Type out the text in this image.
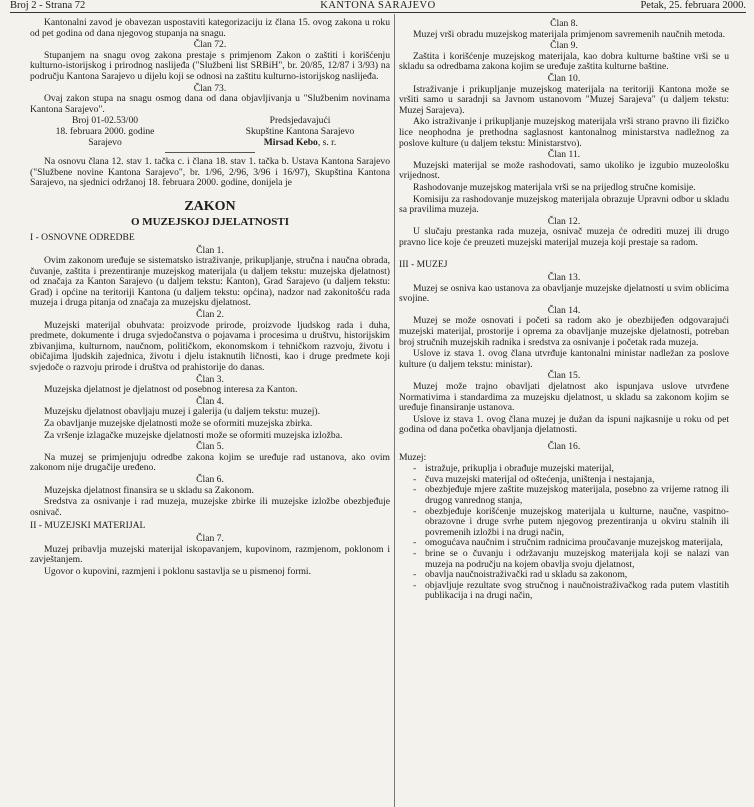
Broj 2 - Strana 72	KANTONA SARAJEVO	Petak, 25. februara 2000.

Kantonalni zavod je obavezan uspostaviti kategorizaciju iz člana 15. ovog zakona u roku od pet godina od dana njegovog stupanja na snagu.

Član 72.

Stupanjem na snagu ovog zakona prestaje s primjenom Zakon o zaštiti i korišćenju kulturno-istorijskog i prirodnog naslijeđa ("Službeni list SRBiH", br. 20/85, 12/87 i 3/93) na području Kantona Sarajevo u dijelu koji se odnosi na zaštitu kulturno-istorijskog naslijeđa.

Član 73.

Ovaj zakon stupa na snagu osmog dana od dana objavljivanja u "Službenim novinama Kantona Sarajevo".

Broj 01-02.53/00
18. februara 2000. godine
Sarajevo
Predsjedavajući
Skupštine Kantona Sarajevo
Mirsad Kebo, s. r.

Na osnovu člana 12. stav 1. tačka c. i člana 18. stav 1. tačka b. Ustava Kantona Sarajevo ("Službene novine Kantona Sarajevo", br. 1/96, 2/96, 3/96 i 16/97), Skupština Kantona Sarajevo, na sjednici održanoj 18. februara 2000. godine, donijela je

ZAKON
O MUZEJSKOJ DJELATNOSTI
I - OSNOVNE ODREDBE
Član 1.

Ovim zakonom uređuje se sistematsko istraživanje, prikupljanje, stručna i naučna obrada, čuvanje, zaštita i prezentiranje muzejskog materijala (u daljem tekstu: muzejska djelatnost) od značaja za Kanton Sarajevo (u daljem tekstu: Kanton), Grad Sarajevo (u daljem tekstu: Grad) i općine na teritoriji Kantona (u daljem tekstu: općina), nadzor nad zakonitošću rada muzeja i druga pitanja od značaja za muzejsku djelatnost.

Član 2.

Muzejski materijal obuhvata: proizvode prirode, proizvode ljudskog rada i duha, predmete, dokumente i druga svjedočanstva o pojavama i procesima u društvu, historijskim zbivanjima, kulturnom, naučnom, političkom, ekonomskom i tehničkom razvoju, životu i običajima ljudskih zajednica, životu i djelu istaknutih ličnosti, kao i druge predmete koji svjedoče o razvoju prirode i društva od prahistorije do danas.

Član 3.

Muzejska djelatnost je djelatnost od posebnog interesa za Kanton.

Član 4.

Muzejsku djelatnost obavljaju muzej i galerija (u daljem tekstu: muzej).

Za obavljanje muzejske djelatnosti može se oformiti muzejska zbirka.

Za vršenje izlagačke muzejske djelatnosti može se oformiti muzejska izložba.

Član 5.

Na muzej se primjenjuju odredbe zakona kojim se uređuje rad ustanova, ako ovim zakonom nije drugačije uređeno.

Član 6.

Muzejska djelatnost finansira se u skladu sa Zakonom.

Sredstva za osnivanje i rad muzeja, muzejske zbirke ili muzejske izložbe obezbjeđuje osnivač.

II - MUZEJSKI MATERIJAL
Član 7.

Muzej pribavlja muzejski materijal iskopavanjem, kupovinom, razmjenom, poklonom i zavještanjem.

Ugovor o kupovini, razmjeni i poklonu sastavlja se u pismenoj formi.

Član 8.

Muzej vrši obradu muzejskog materijala primjenom savremenih naučnih metoda.

Član 9.

Zaštita i korišćenje muzejskog materijala, kao dobra kulturne baštine vrši se u skladu sa odredbama zakona kojim se uređuje zaštita kulturne baštine.

Član 10.

Istraživanje i prikupljanje muzejskog materijala na teritoriji Kantona može se vršiti samo u saradnji sa Javnom ustanovom "Muzej Sarajeva" (u daljem tekstu: Muzej Sarajeva).

Ako istraživanje i prikupljanje muzejskog materijala vrši strano pravno ili fizičko lice neophodna je prethodna saglasnost kantonalnog ministarstva nadležnog za poslove kulture (u daljem tekstu: Ministarstvo).

Član 11.

Muzejski materijal se može rashodovati, samo ukoliko je izgubio muzeološku vrijednost.

Rashodovanje muzejskog materijala vrši se na prijedlog stručne komisije.

Komisiju za rashodovanje muzejskog materijala obrazuje Upravni odbor u skladu sa pravilima muzeja.

Član 12.

U slučaju prestanka rada muzeja, osnivač muzeja će odrediti muzej ili drugo pravno lice koje će preuzeti muzejski materijal muzeja koji prestaje sa radom.

III - MUZEJ
Član 13.

Muzej se osniva kao ustanova za obavljanje muzejske djelatnosti u svim oblicima svojine.

Član 14.

Muzej se može osnovati i početi sa radom ako je obezbijeđen odgovarajući muzejski materijal, prostorije i oprema za obavljanje muzejske djelatnosti, potreban broj stručnih muzejskih radnika i sredstva za osnivanje i početak rada muzeja.

Uslove iz stava 1. ovog člana utvrđuje kantonalni ministar nadležan za poslove kulture (u daljem tekstu: ministar).

Član 15.

Muzej može trajno obavljati djelatnost ako ispunjava uslove utvrđene Normativima i standardima za muzejsku djelatnost, u skladu sa zakonom kojim se uređuje finansiranje ustanova.

Uslove iz stava 1. ovog člana muzej je dužan da ispuni najkasnije u roku od pet godina od dana početka obavljanja djelatnosti.

Član 16.

Muzej:

- istražuje, prikuplja i obrađuje muzejski materijal,
- čuva muzejski materijal od oštećenja, uništenja i nestajanja,
- obezbjeđuje mjere zaštite muzejskog materijala, posebno za vrijeme ratnog ili drugog vanrednog stanja,
- obezbjeđuje korišćenje muzejskog materijala u kulturne, naučne, vaspitno-obrazovne i druge svrhe putem njegovog prezentiranja u okviru stalnih ili povremenih izložbi i na drugi način,
- omogućava naučnim i stručnim radnicima proučavanje muzejskog materijala,
- brine se o čuvanju i održavanju muzejskog materijala koji se nalazi van muzeja na području na kojem obavlja svoju djelatnost,
- obavlja naučnoistraživački rad u skladu sa zakonom,
- objavljuje rezultate svog stručnog i naučnoistraživačkog rada putem vlastitih publikacija i na drugi način,
